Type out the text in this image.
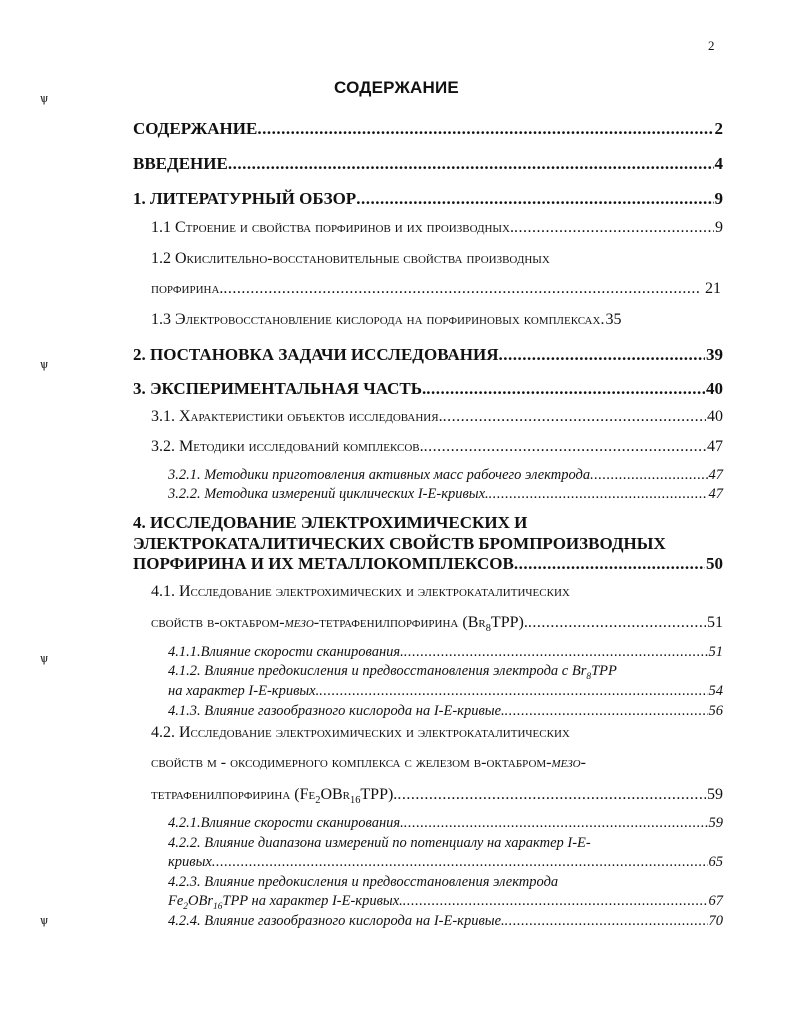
2
СОДЕРЖАНИЕ
ѱ
ѱ
ѱ
ѱ
СОДЕРЖАНИЕ .....	2
ВВЕДЕНИЕ .....	4
1. ЛИТЕРАТУРНЫЙ ОБЗОР .....	9
1.1 Строение и свойства порфиринов и их производных. .....	9
1.2 Окислительно-восстановительные свойства производных
порфирина. .....	21
1.3 Электровосстановление кислорода на порфириновых комплексах. 35
2. ПОСТАНОВКА ЗАДАЧИ ИССЛЕДОВАНИЯ .....	39
3. ЭКСПЕРИМЕНТАЛЬНАЯ ЧАСТЬ. .....	40
3.1. Характеристики объектов исследования. .....	40
3.2. Методики исследований комплексов. .....	47
3.2.1. Методики приготовления активных масс рабочего электрода .....	47
3.2.2. Методика измерений циклических I-E-кривых. .....	47
4. ИССЛЕДОВАНИЕ ЭЛЕКТРОХИМИЧЕСКИХ И
ЭЛЕКТРОКАТАЛИТИЧЕСКИХ СВОЙСТВ БРОМПРОИЗВОДНЫХ
ПОРФИРИНА И ИХ МЕТАЛЛОКОМПЛЕКСОВ .....	50
4.1. Исследование электрохимических и электрокаталитических
свойств β-октабром-мезо-тетрафенилпорфирина $(Br_8TPP)$. .....	51
4.1.1.Влияние скорости сканирования. .....	51
4.1.2. Влияние предокисления и предвосстановления электрода с $Br_8TPP$
на характер I-E-кривых. .....	54
4.1.3. Влияние газообразного кислорода на I-E-кривые. .....	56
4.2. Исследование электрохимических и электрокаталитических
свойств μ - оксодимерного комплекса с железом β-октабром-мезо-
тетрафенилпорфирина $(Fe_2OBr_{16}TPP)$. .....	59
4.2.1.Влияние скорости сканирования. .....	59
4.2.2. Влияние диапазона измерений по потенциалу на характер I-E-
кривых .....	65
4.2.3. Влияние предокисления и предвосстановления электрода
$Fe_2OBr_{16}TPP$ на характер I-E-кривых. .....	67
4.2.4. Влияние газообразного кислорода на I-E-кривые. .....	70
